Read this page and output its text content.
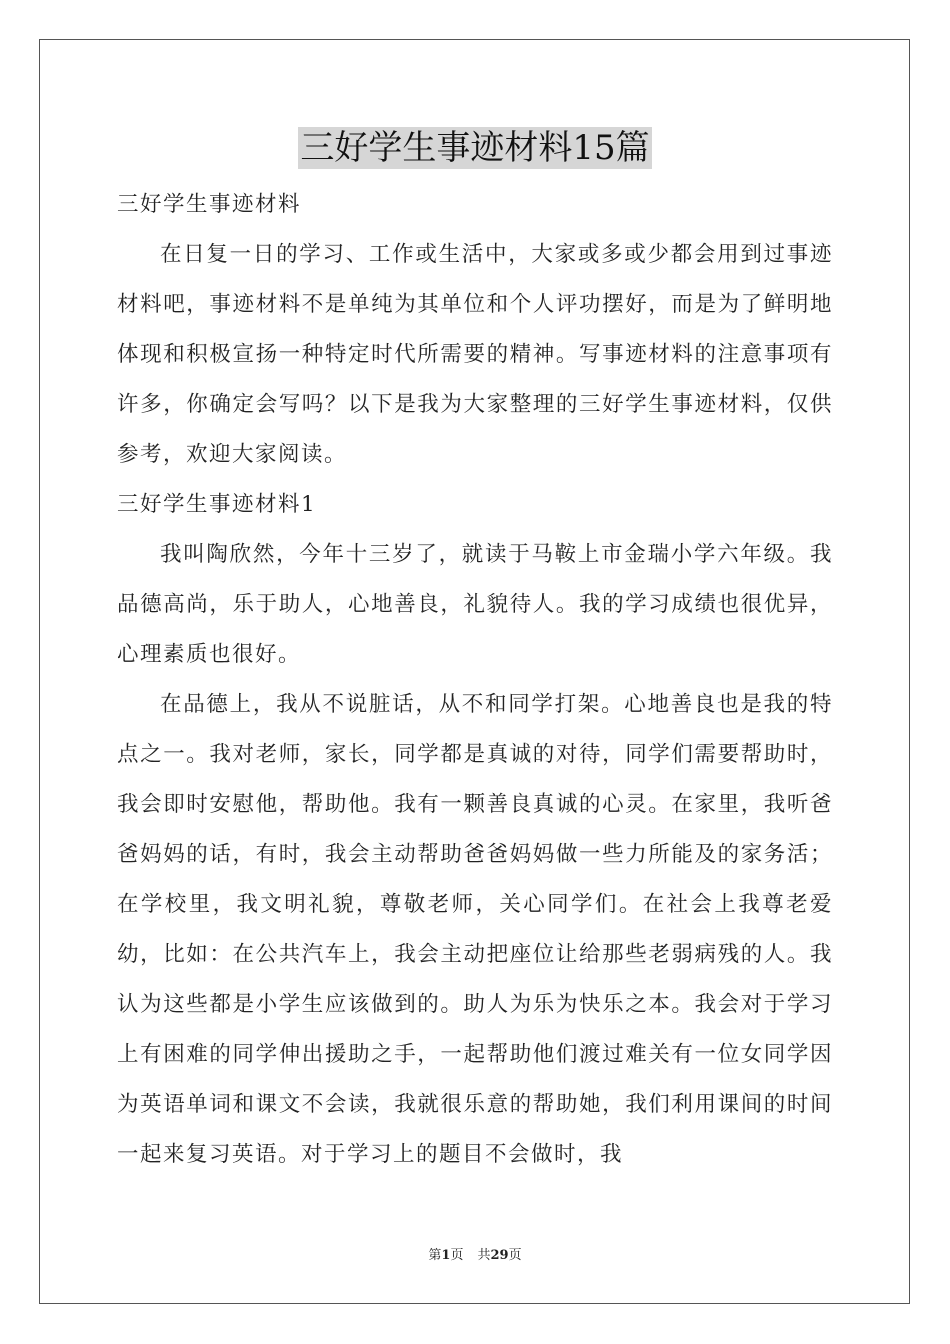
三好学生事迹材料15篇

三好学生事迹材料

在日复一日的学习、工作或生活中，大家或多或少都会用到过事迹材料吧，事迹材料不是单纯为其单位和个人评功摆好，而是为了鲜明地体现和积极宣扬一种特定时代所需要的精神。写事迹材料的注意事项有许多，你确定会写吗？以下是我为大家整理的三好学生事迹材料，仅供参考，欢迎大家阅读。

三好学生事迹材料1

我叫陶欣然，今年十三岁了，就读于马鞍上市金瑞小学六年级。我品德高尚，乐于助人，心地善良，礼貌待人。我的学习成绩也很优异，心理素质也很好。

在品德上，我从不说脏话，从不和同学打架。心地善良也是我的特点之一。我对老师，家长，同学都是真诚的对待，同学们需要帮助时，我会即时安慰他，帮助他。我有一颗善良真诚的心灵。在家里，我听爸爸妈妈的话，有时，我会主动帮助爸爸妈妈做一些力所能及的家务活；在学校里，我文明礼貌，尊敬老师，关心同学们。在社会上我尊老爱幼，比如：在公共汽车上，我会主动把座位让给那些老弱病残的人。我认为这些都是小学生应该做到的。助人为乐为快乐之本。我会对于学习上有困难的同学伸出援助之手，一起帮助他们渡过难关有一位女同学因为英语单词和课文不会读，我就很乐意的帮助她，我们利用课间的时间一起来复习英语。对于学习上的题目不会做时，我

第1页 共29页
